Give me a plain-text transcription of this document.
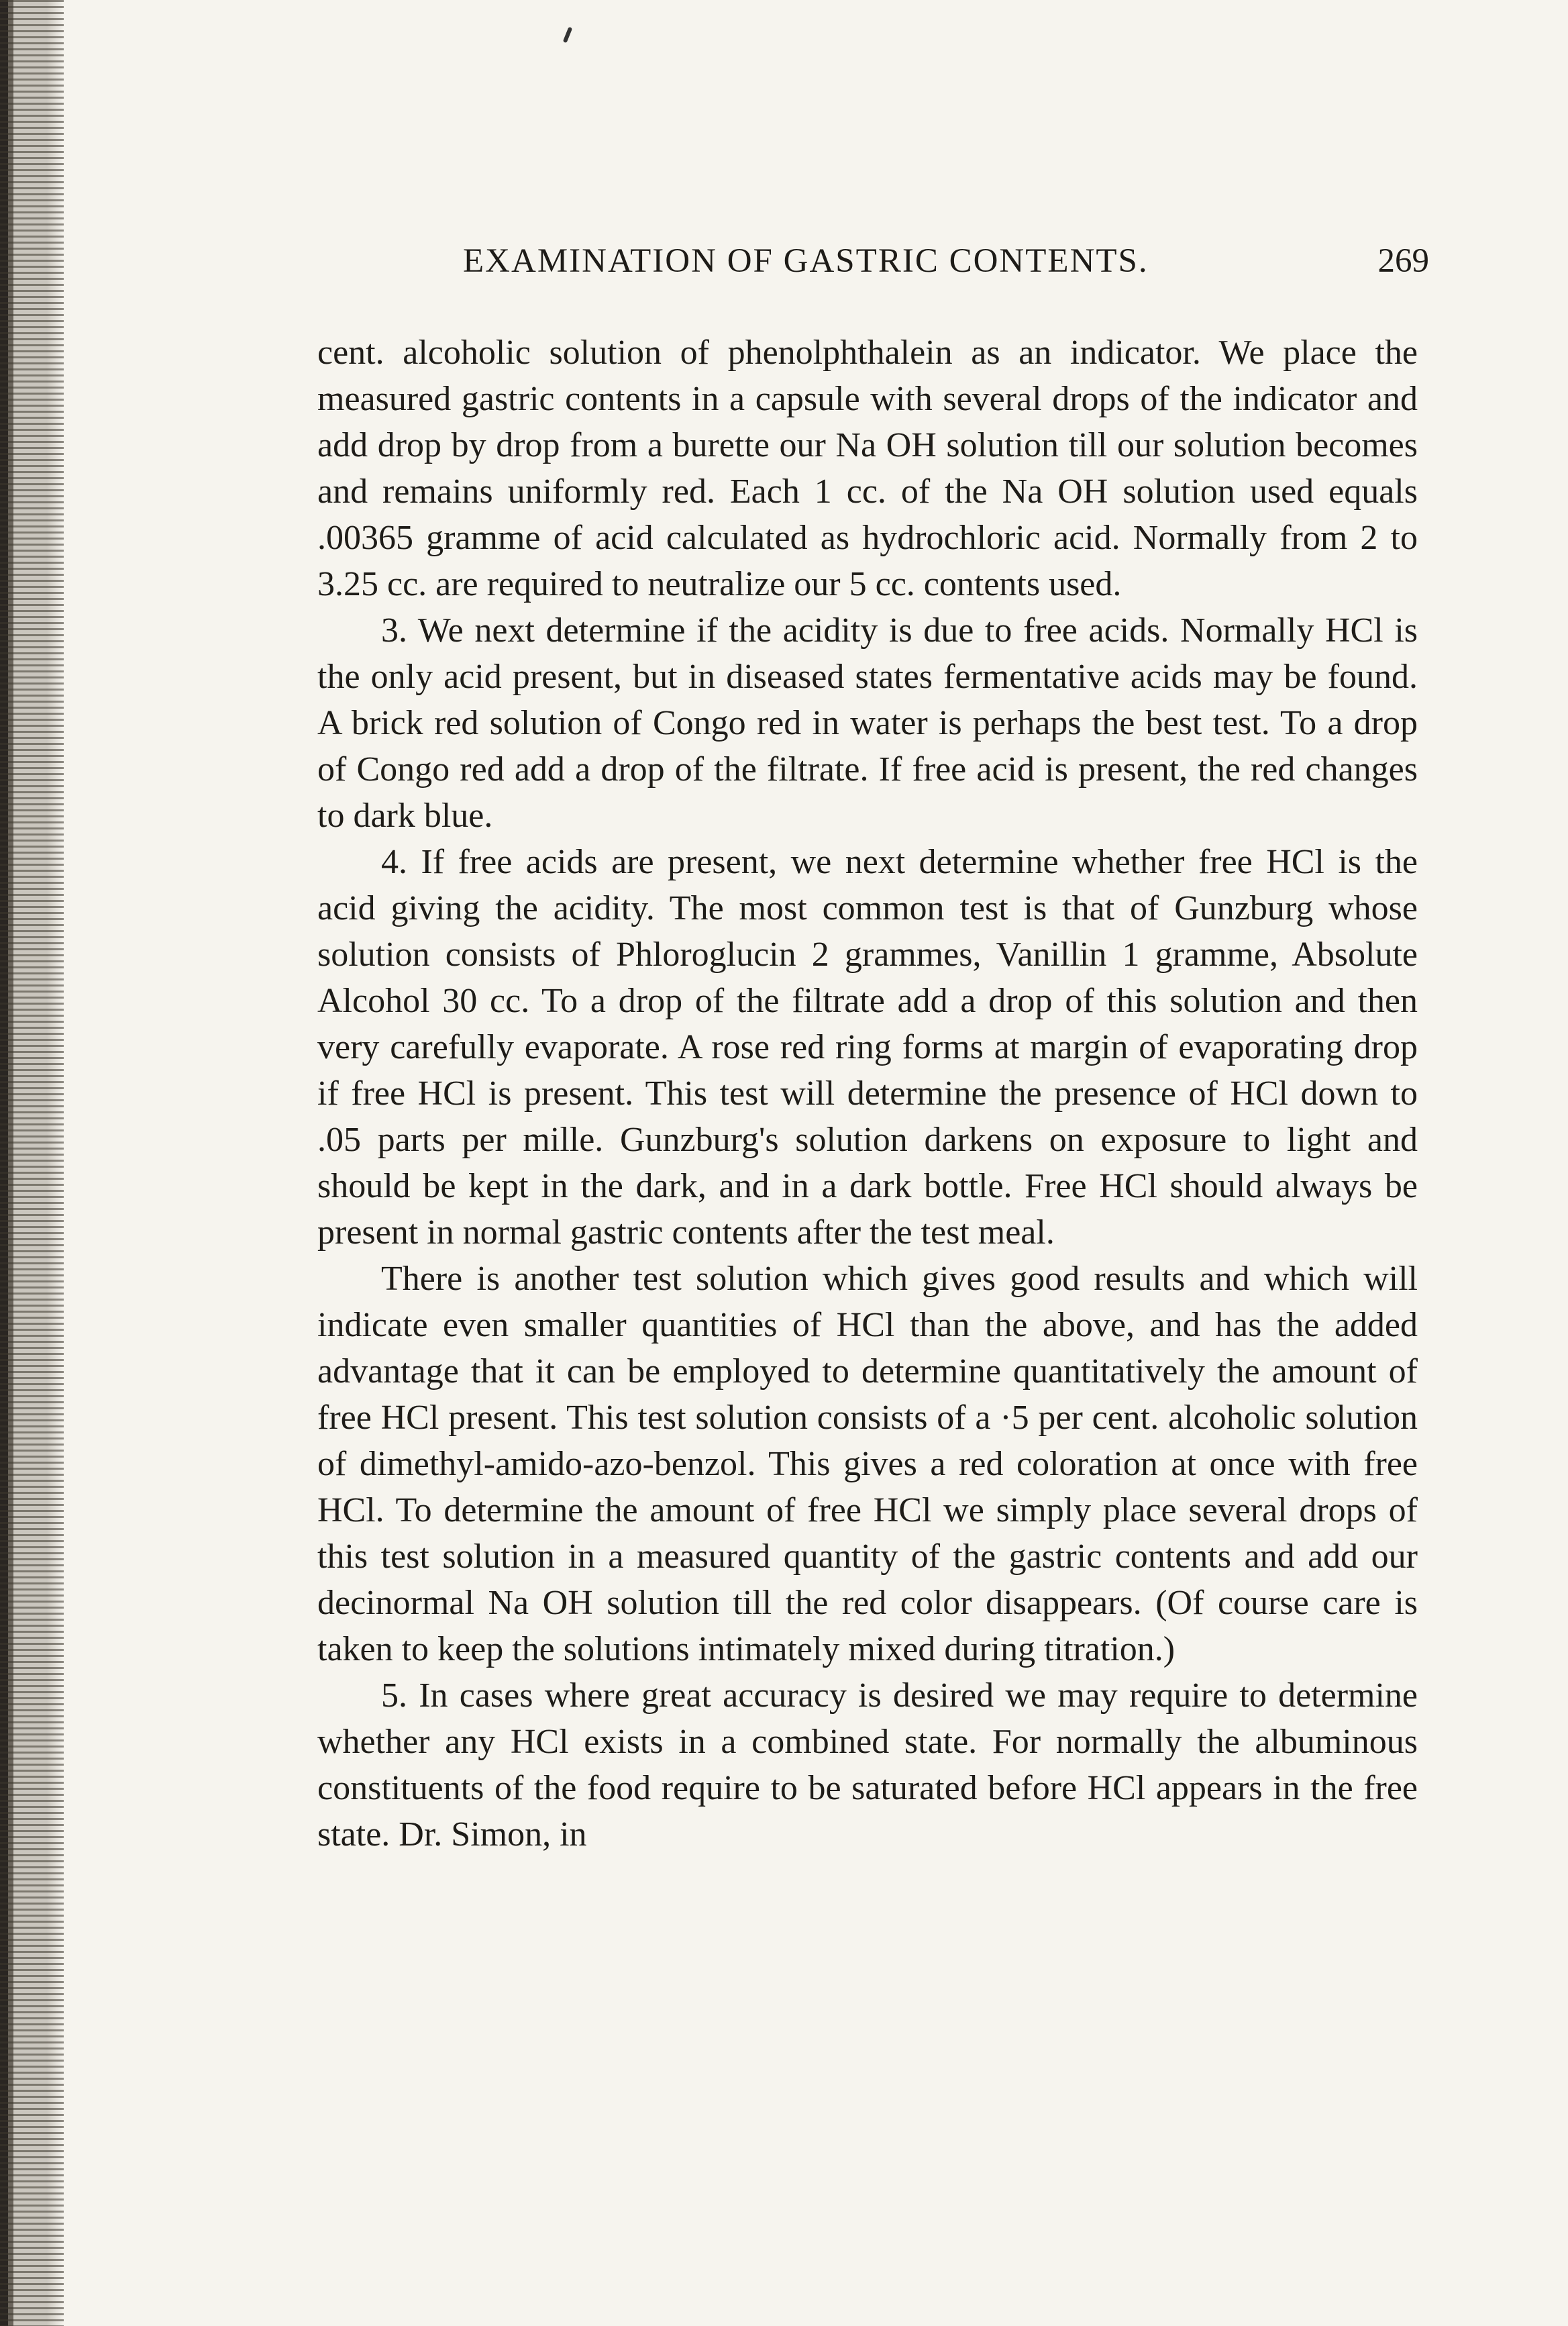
EXAMINATION OF GASTRIC CONTENTS.	269

cent. alcoholic solution of phenolphthalein as an indicator. We place the measured gastric contents in a capsule with several drops of the indicator and add drop by drop from a burette our Na OH solution till our solution becomes and remains uniformly red. Each 1 cc. of the Na OH solution used equals .00365 gramme of acid calculated as hydrochloric acid. Normally from 2 to 3.25 cc. are required to neutralize our 5 cc. contents used.

3. We next determine if the acidity is due to free acids. Normally HCl is the only acid present, but in diseased states fermentative acids may be found. A brick red solution of Congo red in water is perhaps the best test. To a drop of Congo red add a drop of the filtrate. If free acid is present, the red changes to dark blue.

4. If free acids are present, we next determine whether free HCl is the acid giving the acidity. The most common test is that of Gunzburg whose solution consists of Phloroglucin 2 grammes, Vanillin 1 gramme, Absolute Alcohol 30 cc. To a drop of the filtrate add a drop of this solution and then very carefully evaporate. A rose red ring forms at margin of evaporating drop if free HCl is present. This test will determine the presence of HCl down to .05 parts per mille. Gunzburg's solution darkens on exposure to light and should be kept in the dark, and in a dark bottle. Free HCl should always be present in normal gastric contents after the test meal.

There is another test solution which gives good results and which will indicate even smaller quantities of HCl than the above, and has the added advantage that it can be employed to determine quantitatively the amount of free HCl present. This test solution consists of a ·5 per cent. alcoholic solution of dimethyl-amido-azo-benzol. This gives a red coloration at once with free HCl. To determine the amount of free HCl we simply place several drops of this test solution in a measured quantity of the gastric contents and add our decinormal Na OH solution till the red color disappears. (Of course care is taken to keep the solutions intimately mixed during titration.)

5. In cases where great accuracy is desired we may require to determine whether any HCl exists in a combined state. For normally the albuminous constituents of the food require to be saturated before HCl appears in the free state. Dr. Simon, in
